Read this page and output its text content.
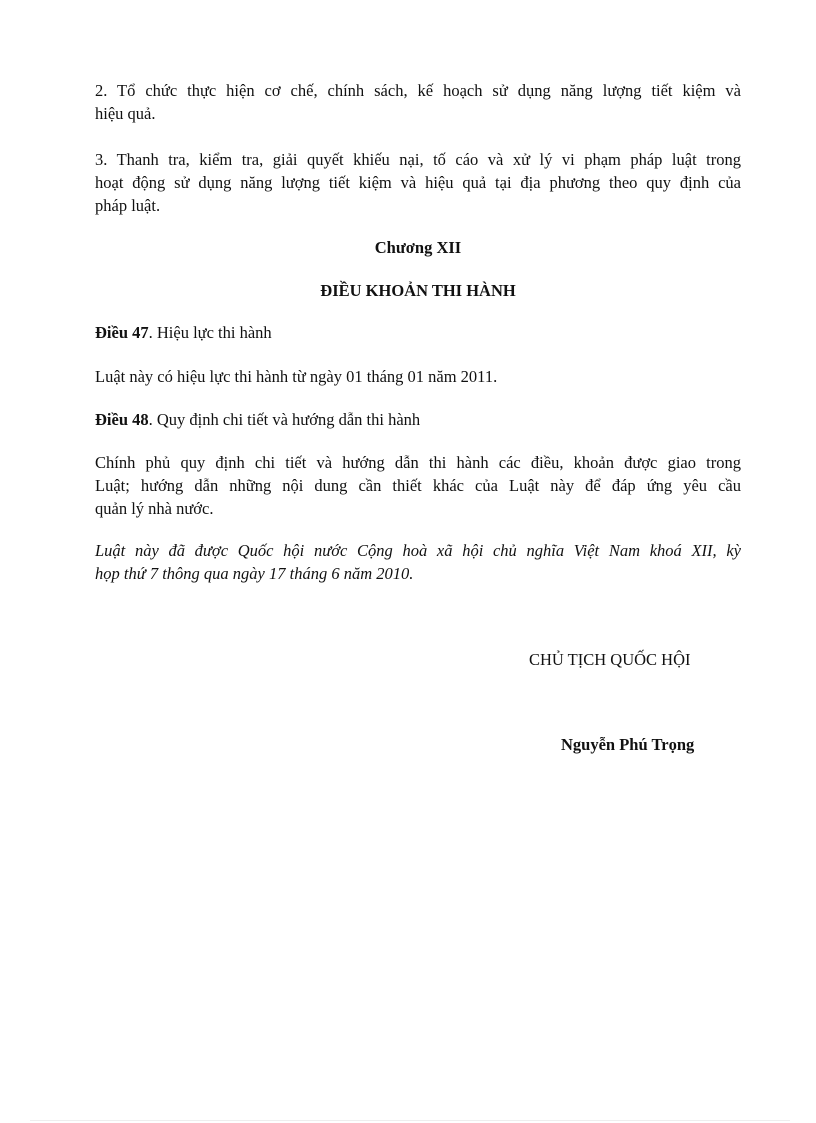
2. Tổ chức thực hiện cơ chế, chính sách, kế hoạch sử dụng năng lượng tiết kiệm và
hiệu quả.

3. Thanh tra, kiểm tra, giải quyết khiếu nại, tố cáo và xử lý vi phạm pháp luật trong
hoạt động sử dụng năng lượng tiết kiệm và hiệu quả tại địa phương theo quy định của
pháp luật.

Chương XII

ĐIỀU KHOẢN THI HÀNH

Điều 47. Hiệu lực thi hành

Luật này có hiệu lực thi hành từ ngày 01 tháng 01 năm 2011.

Điều 48. Quy định chi tiết và hướng dẫn thi hành

Chính phủ quy định chi tiết và hướng dẫn thi hành các điều, khoản được giao trong
Luật; hướng dẫn những nội dung cần thiết khác của Luật này để đáp ứng yêu cầu
quản lý nhà nước.

Luật này đã được Quốc hội nước Cộng hoà xã hội chủ nghĩa Việt Nam khoá XII, kỳ
họp thứ 7 thông qua ngày 17 tháng 6 năm 2010.

CHỦ TỊCH QUỐC HỘI

Nguyễn Phú Trọng
